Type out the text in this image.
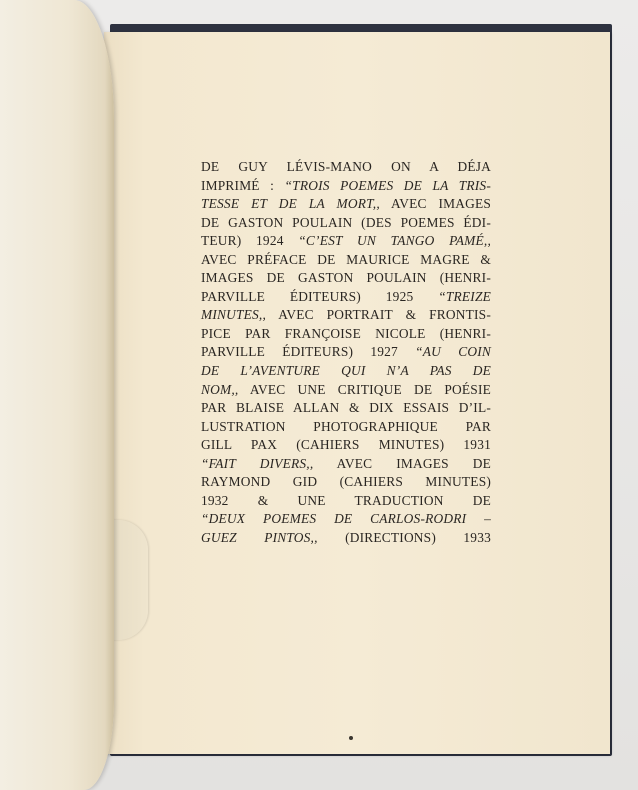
DE GUY LÉVIS-MANO ON A DÉJA
IMPRIMÉ : “TROIS POEMES DE LA TRIS-
TESSE ET DE LA MORT,, AVEC IMAGES
DE GASTON POULAIN (DES POEMES ÉDI-
TEUR) 1924 “C’EST UN TANGO PAMÉ,,
AVEC PRÉFACE DE MAURICE MAGRE &
IMAGES DE GASTON POULAIN (HENRI-
PARVILLE ÉDITEURS) 1925 “TREIZE
MINUTES,, AVEC PORTRAIT & FRONTIS-
PICE PAR FRANÇOISE NICOLE (HENRI-
PARVILLE ÉDITEURS) 1927 “AU COIN
DE L’AVENTURE QUI N’A PAS DE
NOM,, AVEC UNE CRITIQUE DE POÉSIE
PAR BLAISE ALLAN & DIX ESSAIS D’IL-
LUSTRATION PHOTOGRAPHIQUE PAR
GILL PAX (CAHIERS MINUTES) 1931
“FAIT DIVERS,, AVEC IMAGES DE
RAYMOND GID (CAHIERS MINUTES)
1932 & UNE TRADUCTION DE
“DEUX POEMES DE CARLOS-RODRI –
GUEZ PINTOS,, (DIRECTIONS) 1933
